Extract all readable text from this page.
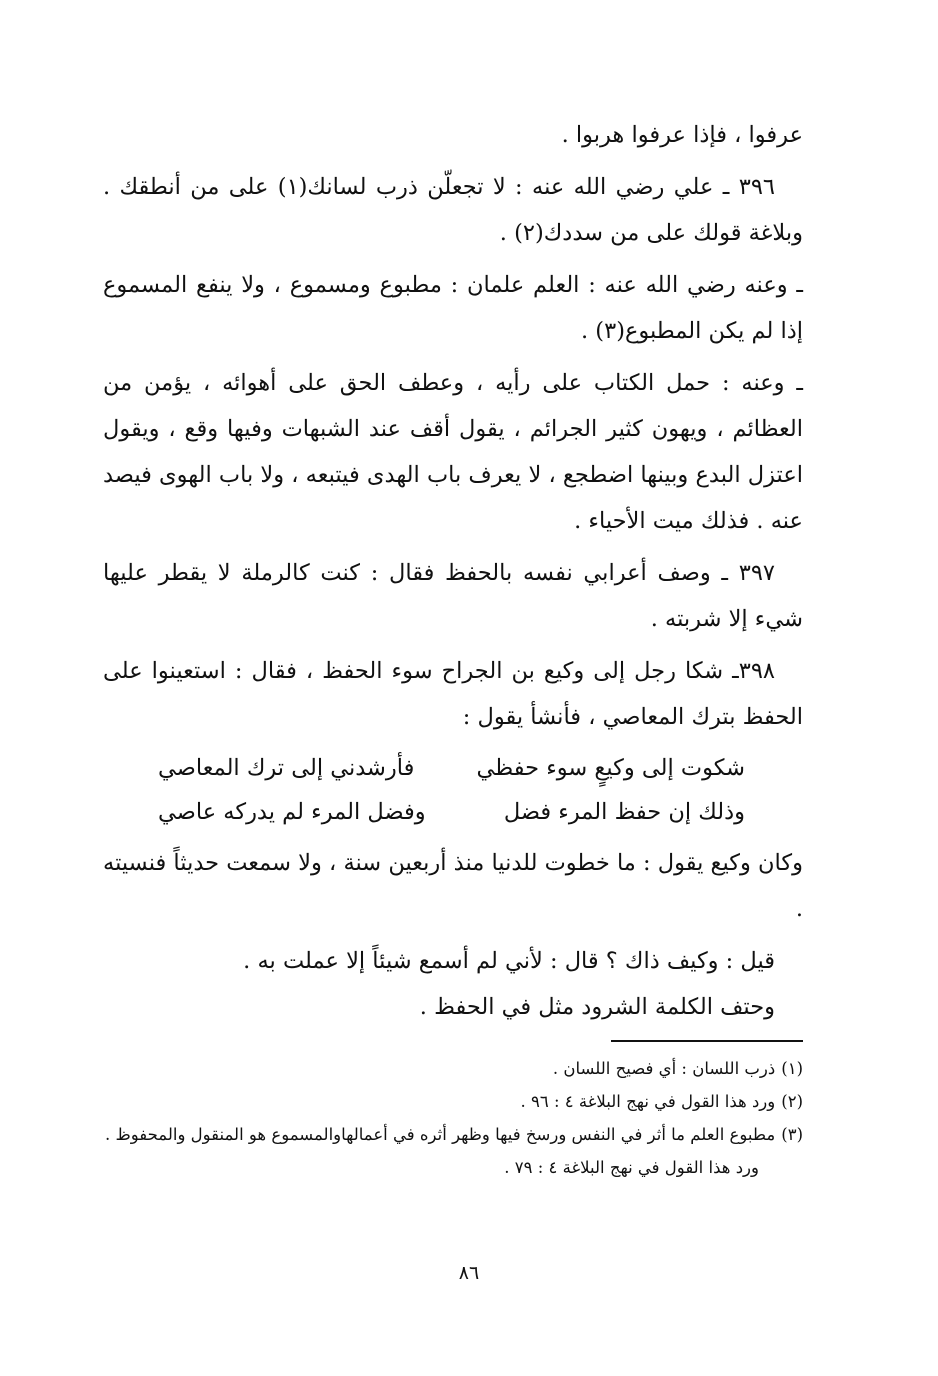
عرفوا ، فإذا عرفوا هربوا .

٣٩٦ ـ علي رضي الله عنه : لا تجعلّن ذرب لسانك(١) على من أنطقك . وبلاغة قولك على من سددك(٢) .

ـ وعنه رضي الله عنه : العلم علمان : مطبوع ومسموع ، ولا ينفع المسموع إذا لم يكن المطبوع(٣) .

ـ وعنه : حمل الكتاب على رأيه ، وعطف الحق على أهوائه ، يؤمن من العظائم ، ويهون كثير الجرائم ، يقول أقف عند الشبهات وفيها وقع ، ويقول اعتزل البدع وبينها اضطجع ، لا يعرف باب الهدى فيتبعه ، ولا باب الهوى فيصد عنه . فذلك ميت الأحياء .

٣٩٧ ـ وصف أعرابي نفسه بالحفظ فقال : كنت كالرملة لا يقطر عليها شيء إلا شربته .

٣٩٨ـ شكا رجل إلى وكيع بن الجراح سوء الحفظ ، فقال : استعينوا على الحفظ بترك المعاصي ، فأنشأ يقول :

شكوت إلى وكيعٍ سوء حفظي
فأرشدني إلى ترك المعاصي
وذلك إن حفظ المرء فضل
وفضل المرء لم يدركه عاصي

وكان وكيع يقول : ما خطوت للدنيا منذ أربعين سنة ، ولا سمعت حديثاً فنسيته .

قيل : وكيف ذاك ؟ قال : لأني لم أسمع شيئاً إلا عملت به .

وحتف الكلمة الشرود مثل في الحفظ .

(١)ذرب اللسان : أي فصيح اللسان .

(٢)ورد هذا القول في نهج البلاغة ٤ : ٩٦ .

(٣)مطبوع العلم ما أثر في النفس ورسخ فيها وظهر أثره في أعمالهاوالمسموع هو المنقول والمحفوظ .

ورد هذا القول في نهج البلاغة ٤ : ٧٩ .

٨٦
